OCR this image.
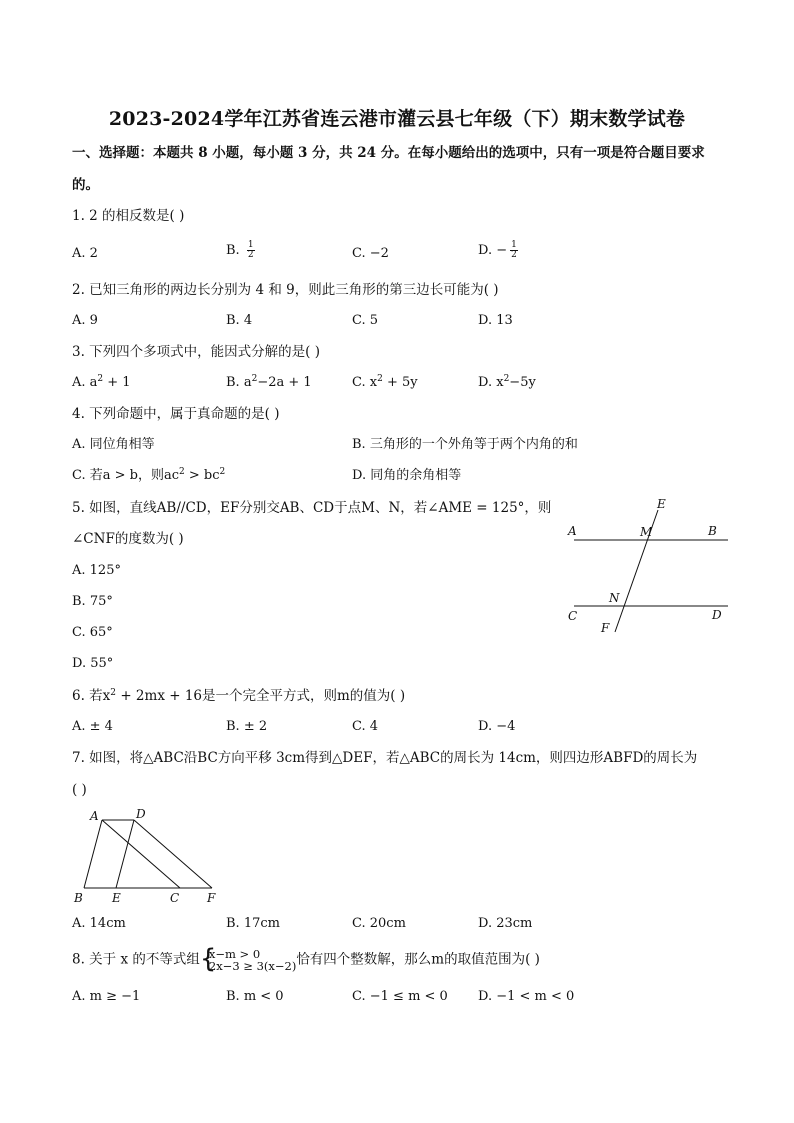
2023-2024学年江苏省连云港市灌云县七年级（下）期末数学试卷
一、选择题：本题共 8 小题，每小题 3 分，共 24 分。在每小题给出的选项中，只有一项是符合题目要求
的。
1. 2 的相反数是( )
A. 2	B. $\frac{1}{2}$	C. −2	D. − $\frac{1}{2}$
2. 已知三角形的两边长分别为 4 和 9，则此三角形的第三边长可能为( )
A. 9	B. 4	C. 5	D. 13
3. 下列四个多项式中，能因式分解的是( )
A. $a^2 + 1$	B. $a^2-2a + 1$	C. $x^2 + 5y$	D. $x^2-5y$
4. 下列命题中，属于真命题的是( )
A. 同位角相等	B. 三角形的一个外角等于两个内角的和
C. 若a > b，则$ac^2 > bc^2$	D. 同角的余角相等
5. 如图，直线AB//CD，EF分别交AB、CD于点M、N，若∠AME = 125°，则
∠CNF的度数为( )
A. 125°
B. 75°
C. 65°
D. 55°
E
A	M	B
N
C	D
F
6. 若$x^2 + 2mx + 16$是一个完全平方式，则m的值为( )
A. ± 4	B. ± 2	C. 4	D. −4
7. 如图，将△ABC沿BC方向平移 3cm得到△DEF，若△ABC的周长为 14cm，则四边形ABFD的周长为
( )
A	D
B E	C F
A. 14cm	B. 17cm	C. 20cm	D. 23cm
8. 关于 x 的不等式组 {
x−m > 0
2x−3 ≥ 3(x−2) 恰有四个整数解，那么m的取值范围为( )
A. m ≥ −1	B. m < 0	C. −1 ≤ m < 0 D. −1 < m < 0
